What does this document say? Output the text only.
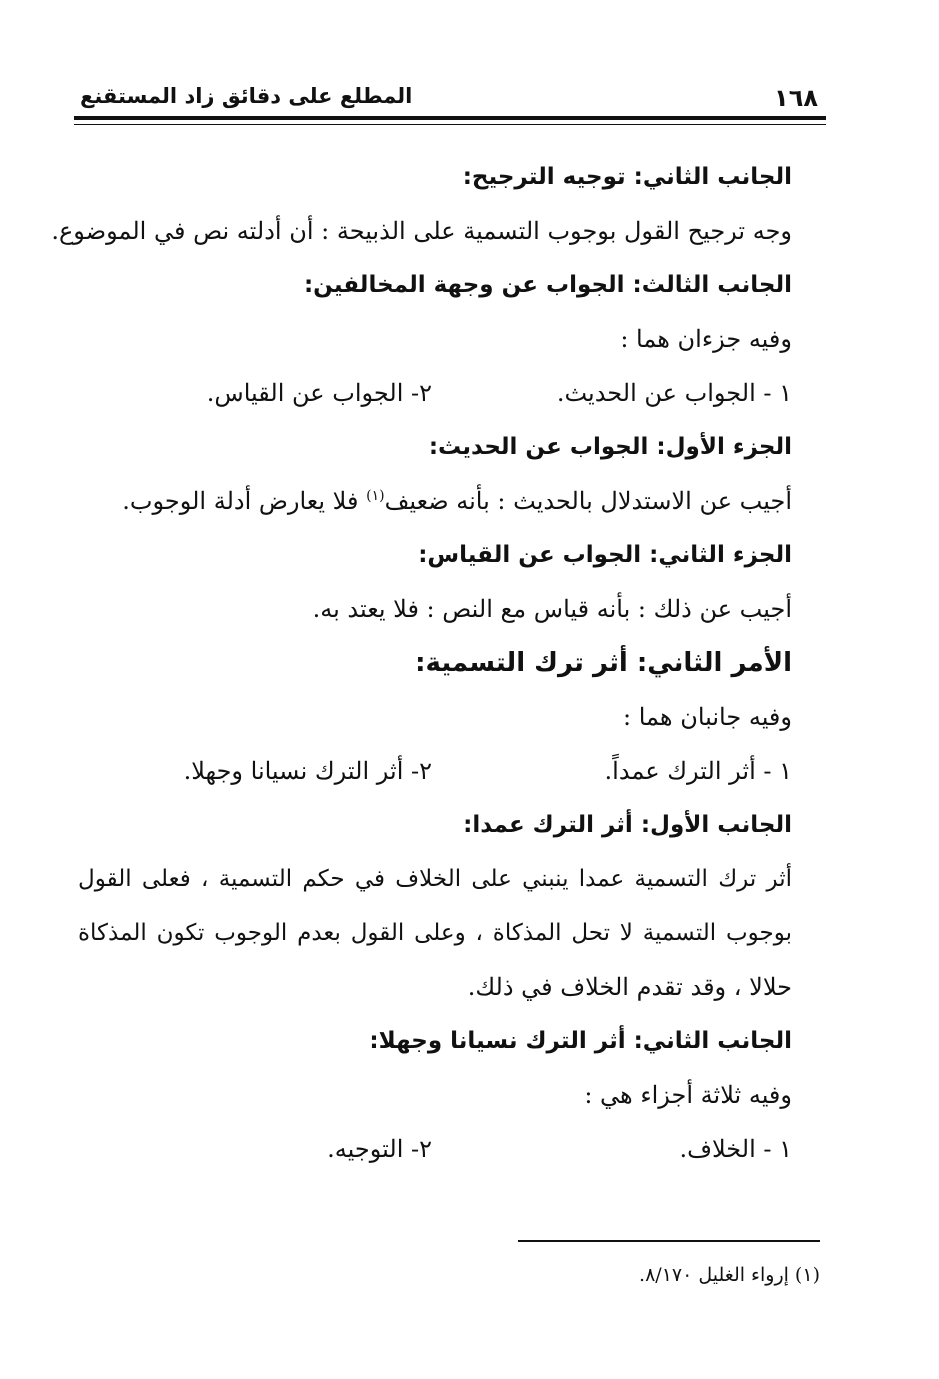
١٦٨
المطلع على دقائق زاد المستقنع
الجانب الثاني: توجيه الترجيح:
وجه ترجيح القول بوجوب التسمية على الذبيحة : أن أدلته نص في الموضوع.
الجانب الثالث: الجواب عن وجهة المخالفين:
وفيه جزءان هما :
١ - الجواب عن الحديث.
٢- الجواب عن القياس.
الجزء الأول: الجواب عن الحديث:
أجيب عن الاستدلال بالحديث : بأنه ضعيف$^{(١)}$ فلا يعارض أدلة الوجوب.
الجزء الثاني: الجواب عن القياس:
أجيب عن ذلك : بأنه قياس مع النص : فلا يعتد به.
الأمر الثاني: أثر ترك التسمية:
وفيه جانبان هما :
١ - أثر الترك عمداً.
٢- أثر الترك نسيانا وجهلا.
الجانب الأول: أثر الترك عمدا:
أثر ترك التسمية عمدا ينبني على الخلاف في حكم التسمية ، فعلى القول
بوجوب التسمية لا تحل المذكاة ، وعلى القول بعدم الوجوب تكون المذكاة
حلالا ، وقد تقدم الخلاف في ذلك.
الجانب الثاني: أثر الترك نسيانا وجهلا:
وفيه ثلاثة أجزاء هي :
١ - الخلاف.
٢- التوجيه.
(١) إرواء الغليل ٨/١٧٠.
